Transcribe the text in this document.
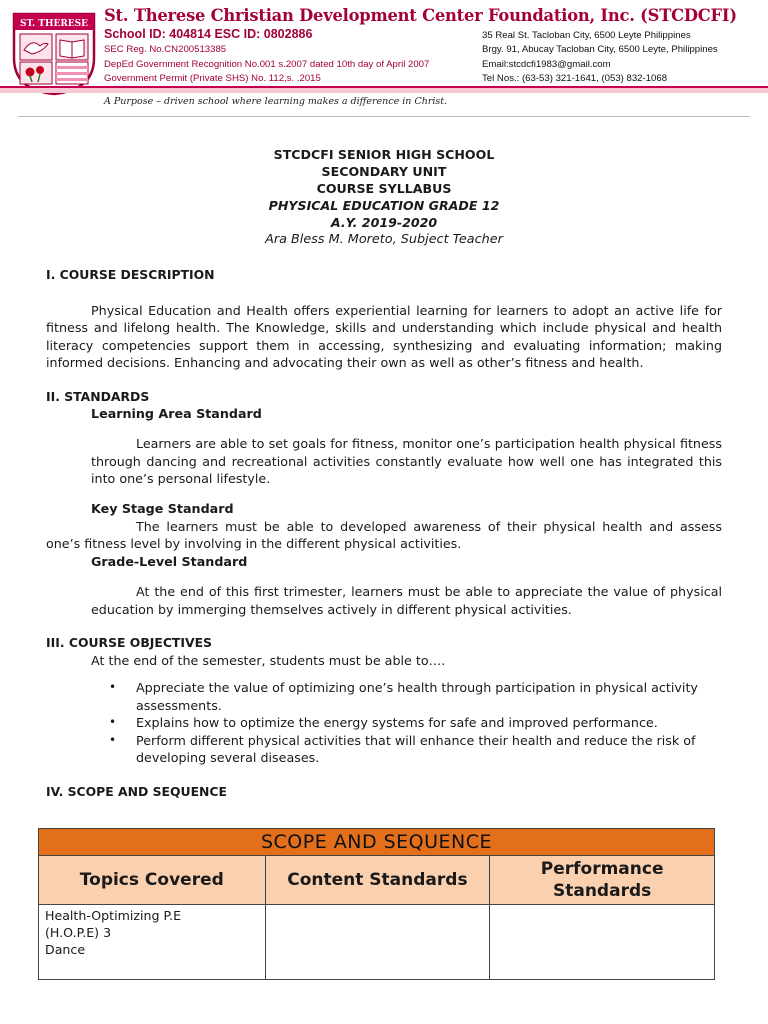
ST. THERESE St. Therese Christian Development Center Foundation, Inc. (STCDCFI)
School ID: 404814 ESC ID: 0802886
SEC Reg. No.CN200513385
DepEd Government Recognition No.001 s.2007 dated 10th day of April 2007
Government Permit (Private SHS) No. 112,s. .2015
35 Real St. Tacloban City, 6500 Leyte Philippines
Brgy. 91, Abucay Tacloban City, 6500 Leyte, Philippines
Email:stcdcfi1983@gmail.com
Tel Nos.: (63-53) 321-1641, (053) 832-1068
A Purpose – driven school where learning makes a difference in Christ.
STCDCFI SENIOR HIGH SCHOOL
SECONDARY UNIT
COURSE SYLLABUS
PHYSICAL EDUCATION GRADE 12
A.Y. 2019-2020
Ara Bless M. Moreto, Subject Teacher

I. COURSE DESCRIPTION

Physical Education and Health offers experiential learning for learners to adopt an active life for fitness and lifelong health. The Knowledge, skills and understanding which include physical and health literacy competencies support them in accessing, synthesizing and evaluating information; making informed decisions. Enhancing and advocating their own as well as other’s fitness and health.

II. STANDARDS

Learning Area Standard

Learners are able to set goals for fitness, monitor one’s participation health physical fitness through dancing and recreational activities constantly evaluate how well one has integrated this into one’s personal lifestyle.

Key Stage Standard

The learners must be able to developed awareness of their physical health and assess one’s fitness level by involving in the different physical activities.

Grade-Level Standard

At the end of this first trimester, learners must be able to appreciate the value of physical education by immerging themselves actively in different physical activities.

III. COURSE OBJECTIVES

At the end of the semester, students must be able to….

• Appreciate the value of optimizing one’s health through participation in physical activity assessments.
• Explains how to optimize the energy systems for safe and improved performance.
• Perform different physical activities that will enhance their health and reduce the risk of developing several diseases.

IV. SCOPE AND SEQUENCE

SCOPE AND SEQUENCE		
Topics Covered	Content Standards	Performance Standards

Health-Optimizing P.E
(H.O.P.E) 3
Dance		
